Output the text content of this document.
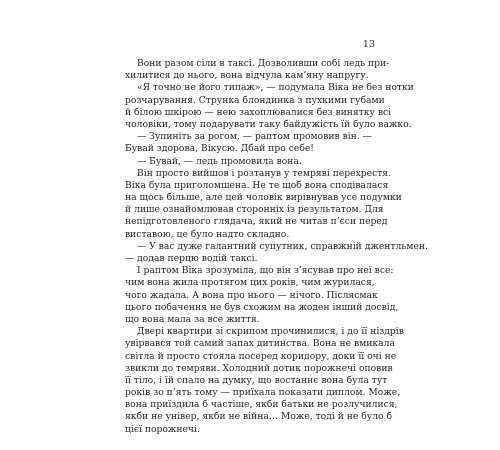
13
Вони разом сіли в таксі. Дозволивши собі ледь при-
хилитися до нього, вона відчула кам’яну напругу.
«Я точно не його типаж», — подумала Віка не без нотки
розчарування. Струнка блондинка з пухкими губами
й білою шкірою — нею захоплювалися без винятку всі
чоловіки, тому подарувати таку байдужість їй було важко.
— Зупиніть за рогом, — раптом промовив він. —
Бувай здорова, Вікусю. Дбай про себе!
— Бувай, — ледь промовила вона.
Він просто вийшов і розтанув у темряві перехрестя.
Віка була приголомшена. Не те щоб вона сподівалася
на щось більше, але цей чоловік вирівнував усе подумки
й лише ознайомлював сторонніх із результатом. Для
непідготовленого глядача, який не читав п’єси перед
виставою, це було надто складно.
— У вас дуже галантний супутник, справжній джентльмен.
— додав перцю водій таксі.
І раптом Віка зрозуміла, що він з’ясував про неї все:
чим вона жила протягом цих років, чим журилася,
чого жадала. А вона про нього — нічого. Післясмак
цього побачення не був схожим на жоден інший досвід,
що вона мала за все життя.
Двері квартири зі скрипом прочинилися, і до її ніздрів
увірвався той самий запах дитинства. Вона не вмикала
світла й просто стояла посеред коридору, доки її очі не
звикли до темряви. Холодний дотик порожнечі оповив
її тіло, і їй спало на думку, що востаннє вона була тут
років зо п’ять тому — приїхала показати диплом. Може,
вона приїздила б частіше, якби батьки не розлучилися,
якби не універ, якби не війна… Може, тоді й не було б
цієї порожнечі.
